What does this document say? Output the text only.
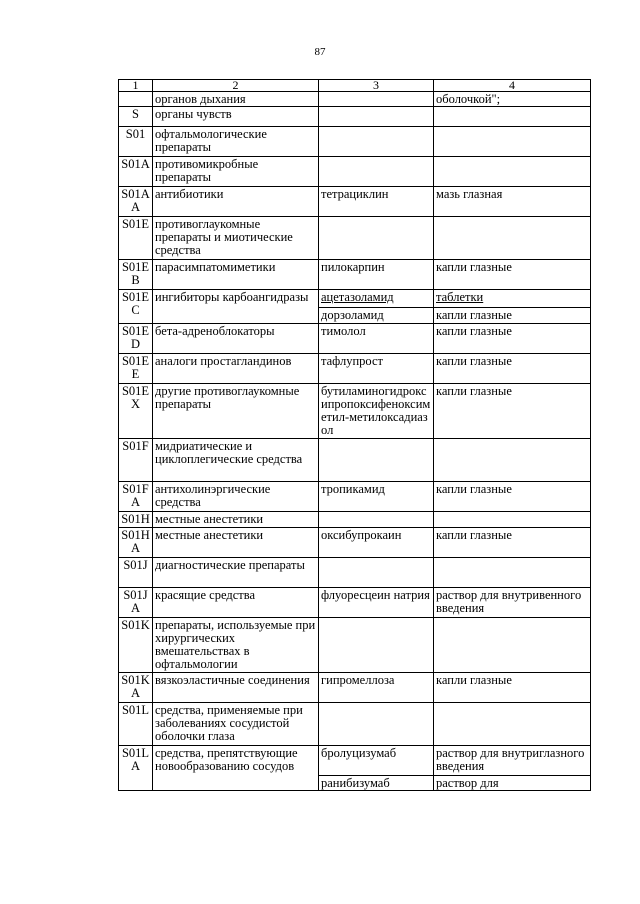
87
1	2	3	4
	органов дыхания		оболочкой";
S	органы чувств		
S01	офтальмологические препараты		
S01A	противомикробные препараты		
S01A A	антибиотики	тетрациклин	мазь глазная
S01E	противоглаукомные препараты и миотические средства		
S01E B	парасимпатомиметики	пилокарпин	капли глазные
S01E C	ингибиторы карбоангидразы	ацетазоламид	таблетки
		дорзоламид	капли глазные
S01E D	бета-адреноблокаторы	тимолол	капли глазные
S01E E	аналоги простагландинов	тафлупрост	капли глазные
S01E X	другие противоглаукомные препараты	бутиламиногидроксипропоксифеноксиметил-метилоксадиазол	капли глазные
S01F	мидриатические и циклоплегические средства		
S01F A	антихолинэргические средства	тропикамид	капли глазные
S01H	местные анестетики		
S01H A	местные анестетики	оксибупрокаин	капли глазные
S01J	диагностические препараты		
S01J A	красящие средства	флуоресцеин натрия	раствор для внутривенного введения
S01K	препараты, используемые при хирургических вмешательствах в офтальмологии		
S01K A	вязкоэластичные соединения	гипромеллоза	капли глазные
S01L	средства, применяемые при заболеваниях сосудистой оболочки глаза		
S01L A	средства, препятствующие новообразованию сосудов	бролуцизумаб	раствор для внутриглазного введения
		ранибизумаб	раствор для
